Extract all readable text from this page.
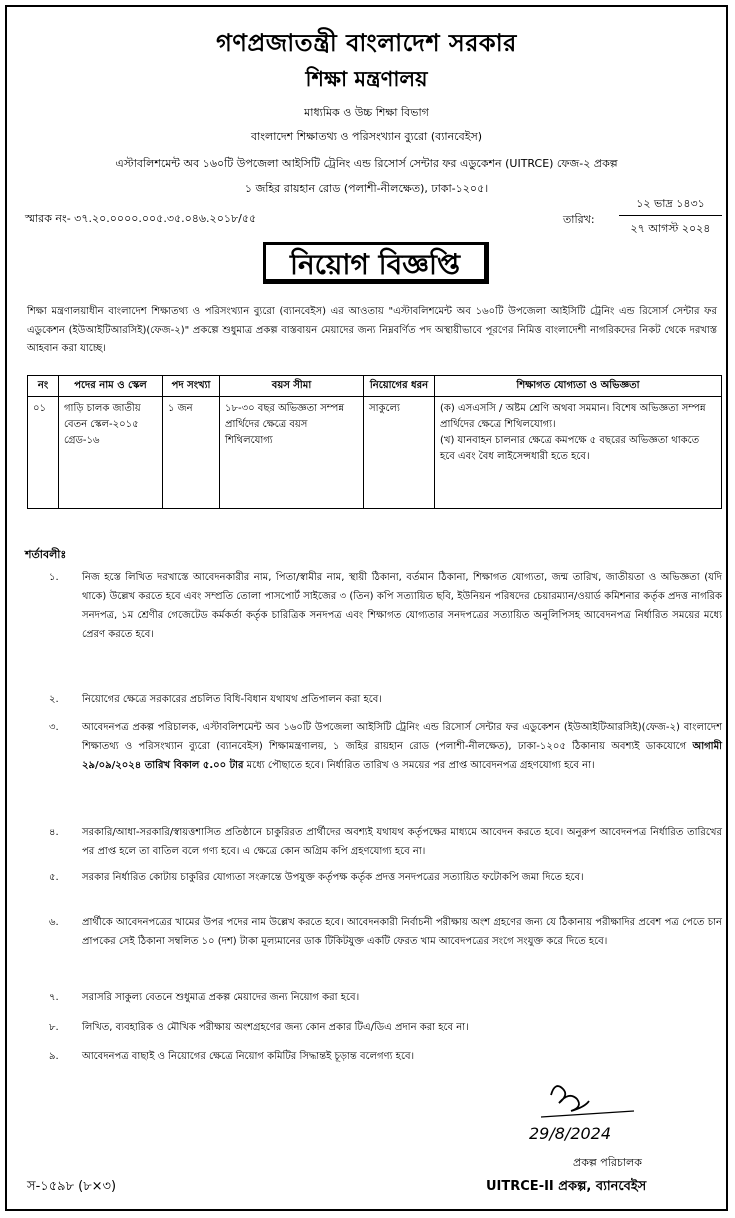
গণপ্রজাতন্ত্রী বাংলাদেশ সরকার
শিক্ষা মন্ত্রণালয়
মাধ্যমিক ও উচ্চ শিক্ষা বিভাগ
বাংলাদেশ শিক্ষাতথ্য ও পরিসংখ্যান ব্যুরো (ব্যানবেইস)
এস্টাবলিশমেন্ট অব ১৬০টি উপজেলা আইসিটি ট্রেনিং এন্ড রিসোর্স সেন্টার ফর এডুকেশন (UITRCE) ফেজ-২ প্রকল্প
১ জহির রায়হান রোড (পলাশী-নীলক্ষেত), ঢাকা-১২০৫।
স্মারক নং- ৩৭.২০.০০০০.০০৫.৩৫.০৪৬.২০১৮/৫৫	তারিখ:
১২ ভাদ্র ১৪৩১
২৭ আগস্ট ২০২৪
নিয়োগ বিজ্ঞপ্তি
শিক্ষা মন্ত্রণালয়াধীন বাংলাদেশ শিক্ষাতথ্য ও পরিসংখ্যান ব্যুরো (ব্যানবেইস) এর আওতায় "এস্টাবলিশমেন্ট অব ১৬০টি উপজেলা আইসিটি ট্রেনিং এন্ড রিসোর্স সেন্টার ফর এডুকেশন (ইউআইটিআরসিই)(ফেজ-২)" প্রকল্পে শুধুমাত্র প্রকল্প বাস্তবায়ন মেয়াদের জন্য নিম্নবর্ণিত পদ অস্থায়ীভাবে পূরণের নিমিত্ত বাংলাদেশী নাগরিকদের নিকট থেকে দরখাস্ত আহবান করা যাচ্ছে।
নং	পদের নাম ও স্কেল	পদ সংখ্যা	বয়স সীমা	নিয়োগের ধরন	শিক্ষাগত যোগ্যতা ও অভিজ্ঞতা
০১	গাড়ি চালক জাতীয় বেতন স্কেল-২০১৫ গ্রেড-১৬	১ জন	১৮-৩০ বছর অভিজ্ঞতা সম্পন্ন প্রার্থিদের ক্ষেত্রে বয়স শিথিলযোগ্য	সাকুল্যে	(ক) এসএসসি / অষ্টম শ্রেণি অথবা সমমান। বিশেষ অভিজ্ঞতা সম্পন্ন প্রার্থিদের ক্ষেত্রে শিথিলযোগ্য।
(খ) যানবাহন চালনার ক্ষেত্রে কমপক্ষে ৫ বছরের অভিজ্ঞতা থাকতে হবে এবং বৈধ লাইসেন্সধারী হতে হবে।
শর্তাবলীঃ
১. নিজ হস্তে লিখিত দরখাস্তে আবেদনকারীর নাম, পিতা/স্বামীর নাম, স্থায়ী ঠিকানা, বর্তমান ঠিকানা, শিক্ষাগত যোগ্যতা, জন্ম তারিখ, জাতীয়তা ও অভিজ্ঞতা (যদি থাকে) উল্লেখ করতে হবে এবং সম্প্রতি তোলা পাসপোর্ট সাইজের ৩ (তিন) কপি সত্যায়িত ছবি, ইউনিয়ন পরিষদের চেয়ারম্যান/ওয়ার্ড কমিশনার কর্তৃক প্রদত্ত নাগরিক সনদপত্র, ১ম শ্রেণীর গেজেটেড কর্মকর্তা কর্তৃক চারিত্রিক সনদপত্র এবং শিক্ষাগত যোগ্যতার সনদপত্রের সত্যায়িত অনুলিপিসহ আবেদনপত্র নির্ধারিত সময়ের মধ্যে প্রেরণ করতে হবে।
২. নিয়োগের ক্ষেত্রে সরকারের প্রচলিত বিধি-বিধান যথাযথ প্রতিপালন করা হবে।
৩. আবেদনপত্র প্রকল্প পরিচালক, এস্টাবলিশমেন্ট অব ১৬০টি উপজেলা আইসিটি ট্রেনিং এন্ড রিসোর্স সেন্টার ফর এডুকেশন (ইউআইটিআরসিই)(ফেজ-২) বাংলাদেশ শিক্ষাতথ্য ও পরিসংখ্যান ব্যুরো (ব্যানবেইস) শিক্ষামন্ত্রণালয়, ১ জহির রায়হান রোড (পলাশী-নীলক্ষেত), ঢাকা-১২০৫ ঠিকানায় অবশ্যই ডাকযোগে আগামী ২৯/০৯/২০২৪ তারিখ বিকাল ৫.০০ টার মধ্যে পৌছাতে হবে। নির্ধারিত তারিখ ও সময়ের পর প্রাপ্ত আবেদনপত্র গ্রহণযোগ্য হবে না।
৪. সরকারি/আধা-সরকারি/স্বায়ত্তশাসিত প্রতিষ্ঠানে চাকুরিরত প্রার্থীদের অবশ্যই যথাযথ কর্তৃপক্ষের মাধ্যমে আবেদন করতে হবে। অনুরুপ আবেদনপত্র নির্ধারিত তারিখের পর প্রাপ্ত হলে তা বাতিল বলে গণ্য হবে। এ ক্ষেত্রে কোন অগ্রিম কপি গ্রহণযোগ্য হবে না।
৫. সরকার নির্ধারিত কোটায় চাকুরির যোগ্যতা সংক্রান্তে উপযুক্ত কর্তৃপক্ষ কর্তৃক প্রদত্ত সনদপত্রের সত্যায়িত ফটোকপি জমা দিতে হবে।
৬. প্রার্থীকে আবেদনপত্রের খামের উপর পদের নাম উল্লেখ করতে হবে। আবেদনকারী নির্বাচনী পরীক্ষায় অংশ গ্রহণের জন্য যে ঠিকানায় পরীক্ষাদির প্রবেশ পত্র পেতে চান প্রাপকের সেই ঠিকানা সম্বলিত ১০ (দশ) টাকা মূল্যমানের ডাক টিকিটযুক্ত একটি ফেরত খাম আবেদপত্রের সংগে সংযুক্ত করে দিতে হবে।
৭. সরাসরি সাকুল্য বেতনে শুধুমাত্র প্রকল্প মেয়াদের জন্য নিয়োগ করা হবে।
৮. লিখিত, ব্যবহারিক ও মৌখিক পরীক্ষায় অংশগ্রহণের জন্য কোন প্রকার টিএ/ডিএ প্রদান করা হবে না।
৯. আবেদনপত্র বাছাই ও নিয়োগের ক্ষেত্রে নিয়োগ কমিটির সিদ্ধান্তই চূড়ান্ত বলেগণ্য হবে।
29/8/2024
প্রকল্প পরিচালক
UITRCE-II প্রকল্প, ব্যানবেইস
স-১৫৯৮ (৮×৩)
